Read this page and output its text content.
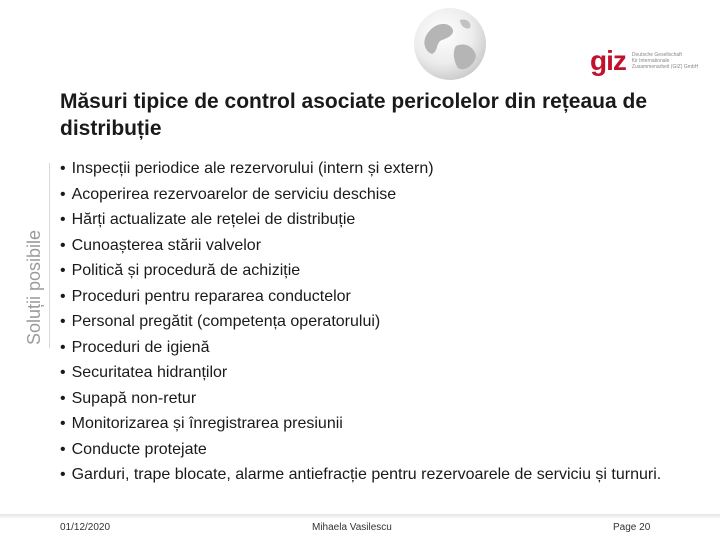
giz Deutsche Gesellschaft
für Internationale
Zusammenarbeit (GIZ) GmbH
Măsuri tipice de control asociate pericolelor din rețeaua de distribuție
Soluții posibile
• Inspecții periodice ale rezervorului (intern și extern)
• Acoperirea rezervoarelor de serviciu deschise
• Hărți actualizate ale rețelei de distribuție
• Cunoașterea stării valvelor
• Politică și procedură de achiziție
• Proceduri pentru repararea conductelor
• Personal pregătit (competența operatorului)
• Proceduri de igienă
• Securitatea hidranților
• Supapă non-retur
• Monitorizarea și înregistrarea presiunii
• Conducte protejate
• Garduri, trape blocate, alarme antiefracție pentru rezervoarele de serviciu și turnuri.
01/12/2020	Mihaela Vasilescu	Page 20
